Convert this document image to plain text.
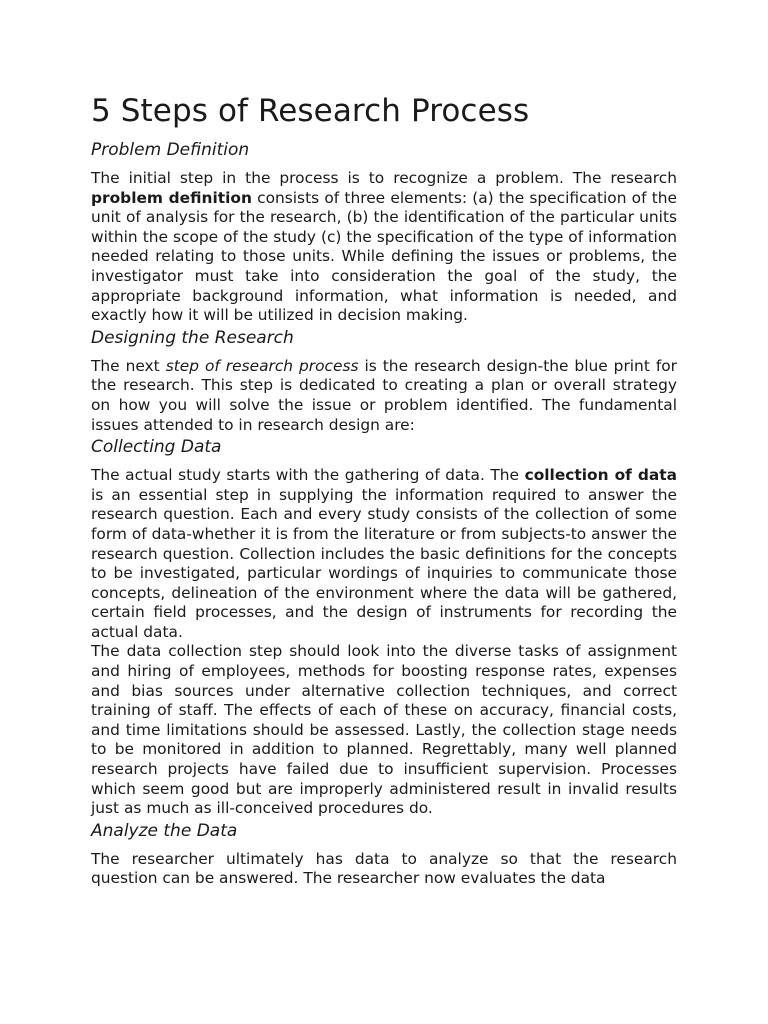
5 Steps of Research Process
Problem Definition

The initial step in the process is to recognize a problem. The research problem definition consists of three elements: (a) the specification of the unit of analysis for the research, (b) the identification of the particular units within the scope of the study (c) the specification of the type of information needed relating to those units. While defining the issues or problems, the investigator must take into consideration the goal of the study, the appropriate background information, what information is needed, and exactly how it will be utilized in decision making.

Designing the Research

The next step of research process is the research design-the blue print for the research. This step is dedicated to creating a plan or overall strategy on how you will solve the issue or problem identified. The fundamental issues attended to in research design are:

Collecting Data

The actual study starts with the gathering of data. The collection of data is an essential step in supplying the information required to answer the research question. Each and every study consists of the collection of some form of data-whether it is from the literature or from subjects-to answer the research question. Collection includes the basic definitions for the concepts to be investigated, particular wordings of inquiries to communicate those concepts, delineation of the environment where the data will be gathered, certain field processes, and the design of instruments for recording the actual data.

The data collection step should look into the diverse tasks of assignment and hiring of employees, methods for boosting response rates, expenses and bias sources under alternative collection techniques, and correct training of staff. The effects of each of these on accuracy, financial costs, and time limitations should be assessed. Lastly, the collection stage needs to be monitored in addition to planned. Regrettably, many well planned research projects have failed due to insufficient supervision. Processes which seem good but are improperly administered result in invalid results just as much as ill-conceived procedures do.

Analyze the Data

The researcher ultimately has data to analyze so that the research question can be answered. The researcher now evaluates the data
